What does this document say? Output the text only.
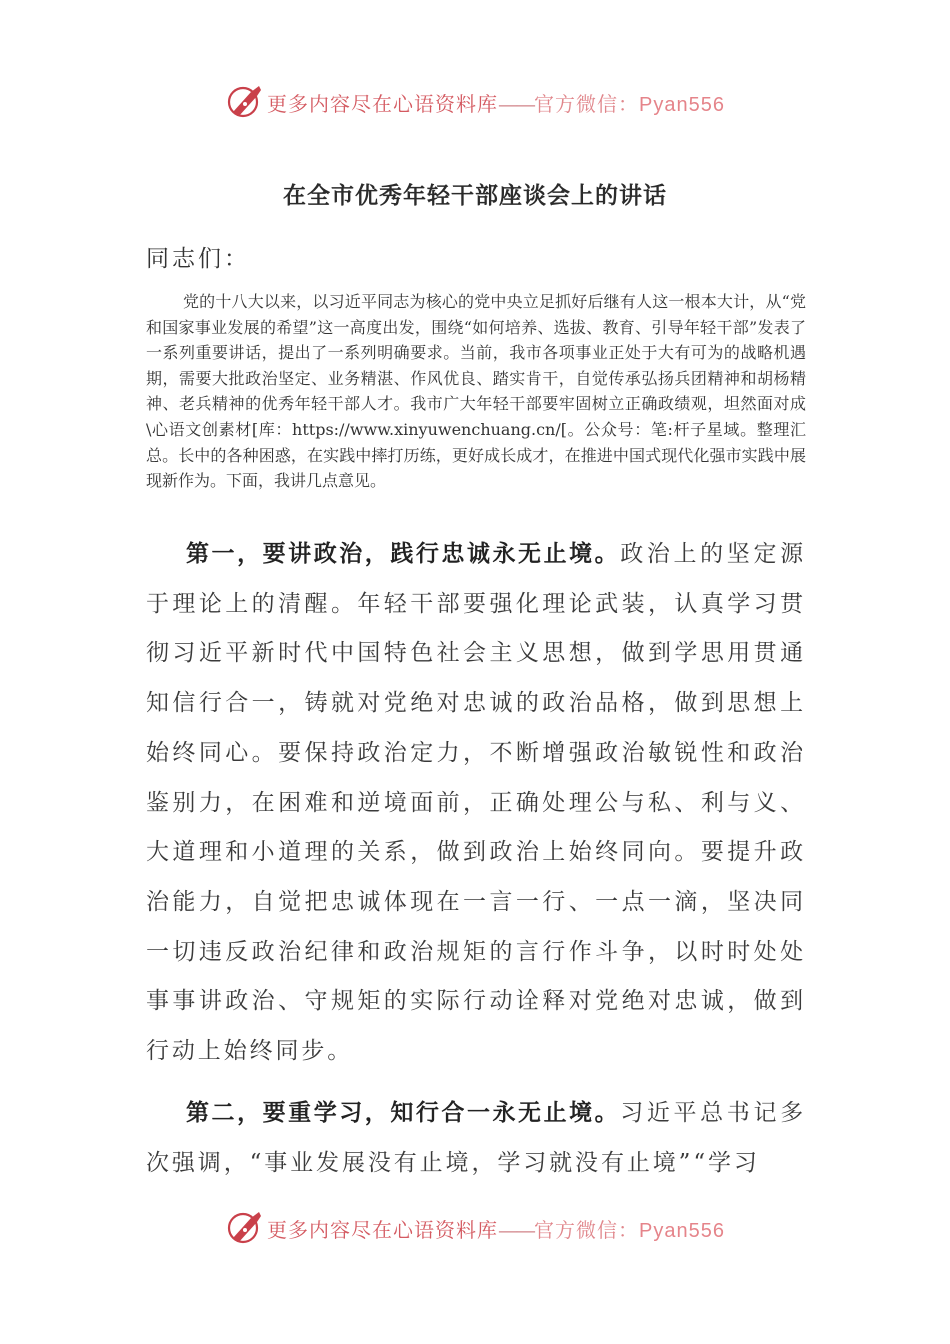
更多内容尽在心语资料库——官方微信：Pyan556
在全市优秀年轻干部座谈会上的讲话
同志们：

党的十八大以来，以习近平同志为核心的党中央立足抓好后继有人这一根本大计，从“党和国家事业发展的希望”这一高度出发，围绕“如何培养、选拔、教育、引导年轻干部”发表了一系列重要讲话，提出了一系列明确要求。当前，我市各项事业正处于大有可为的战略机遇期，需要大批政治坚定、业务精湛、作风优良、踏实肯干，自觉传承弘扬兵团精神和胡杨精神、老兵精神的优秀年轻干部人才。我市广大年轻干部要牢固树立正确政绩观，坦然面对成\心语文创素材[库：https://www.xinyuwenchuang.cn/[。公众号：笔:杆子星域。整理汇总。长中的各种困惑，在实践中摔打历练，更好成长成才，在推进中国式现代化强市实践中展现新作为。下面，我讲几点意见。

第一，要讲政治，践行忠诚永无止境。政治上的坚定源于理论上的清醒。年轻干部要强化理论武装，认真学习贯彻习近平新时代中国特色社会主义思想，做到学思用贯通知信行合一，铸就对党绝对忠诚的政治品格，做到思想上始终同心。要保持政治定力，不断增强政治敏锐性和政治鉴别力，在困难和逆境面前，正确处理公与私、利与义、大道理和小道理的关系，做到政治上始终同向。要提升政治能力，自觉把忠诚体现在一言一行、一点一滴，坚决同一切违反政治纪律和政治规矩的言行作斗争，以时时处处事事讲政治、守规矩的实际行动诠释对党绝对忠诚，做到行动上始终同步。

第二，要重学习，知行合一永无止境。习近平总书记多次强调，“事业发展没有止境，学习就没有止境”“学习

更多内容尽在心语资料库——官方微信：Pyan556
